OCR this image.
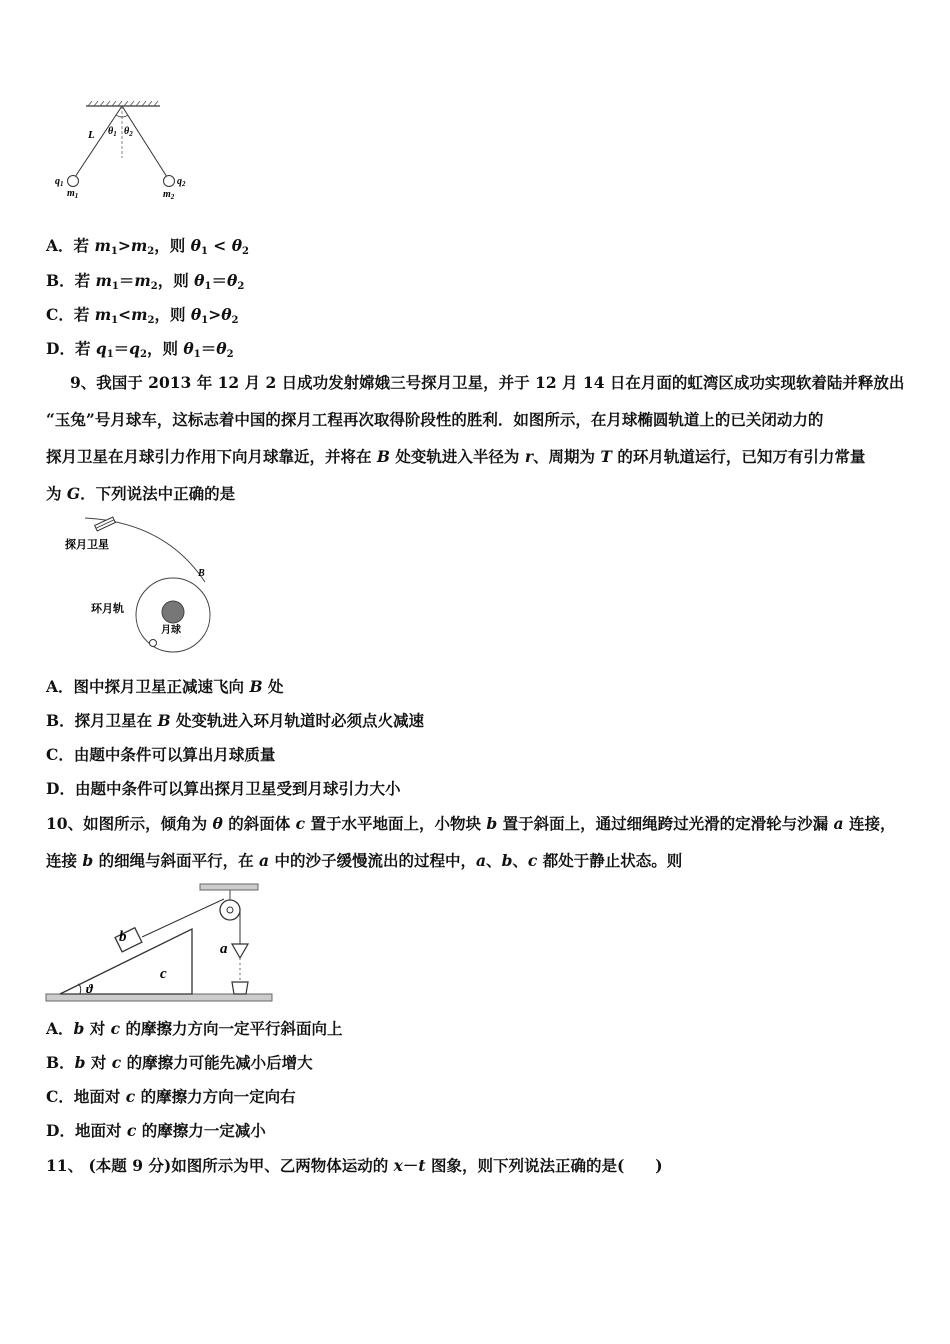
L $\theta_1$ $\theta_2$
$q_1$
$m_1$
$q_2$
$m_2$
A．若 $m_1>m_2$，则 $\theta_1 < \theta_2$
B．若 $m_1=m_2$，则 $\theta_1=\theta_2$
C．若 $m_1<m_2$，则 $\theta_1>\theta_2$
D．若 $q_1=q_2$，则 $\theta_1=\theta_2$
9、我国于 2013 年 12 月 2 日成功发射嫦娥三号探月卫星，并于 12 月 14 日在月面的虹湾区成功实现软着陆并释放出
“玉兔”号月球车，这标志着中国的探月工程再次取得阶段性的胜利．如图所示，在月球椭圆轨道上的已关闭动力的
探月卫星在月球引力作用下向月球靠近，并将在 B 处变轨进入半径为 r、周期为 T 的环月轨道运行，已知万有引力常量
为 G．下列说法中正确的是
探月卫星
B
月球
环月轨
A．图中探月卫星正减速飞向 B 处
B．探月卫星在 B 处变轨进入环月轨道时必须点火减速
C．由题中条件可以算出月球质量
D．由题中条件可以算出探月卫星受到月球引力大小
10、如图所示，倾角为 θ 的斜面体 c 置于水平地面上，小物块 b 置于斜面上，通过细绳跨过光滑的定滑轮与沙漏 a 连接，
连接 b 的细绳与斜面平行，在 a 中的沙子缓慢流出的过程中，a、b、c 都处于静止状态。则
b
c
a
ϑ
A．b 对 c 的摩擦力方向一定平行斜面向上
B．b 对 c 的摩擦力可能先减小后增大
C．地面对 c 的摩擦力方向一定向右
D．地面对 c 的摩擦力一定减小
11、 (本题 9 分)如图所示为甲、乙两物体运动的 x－t 图象，则下列说法正确的是(　　)
